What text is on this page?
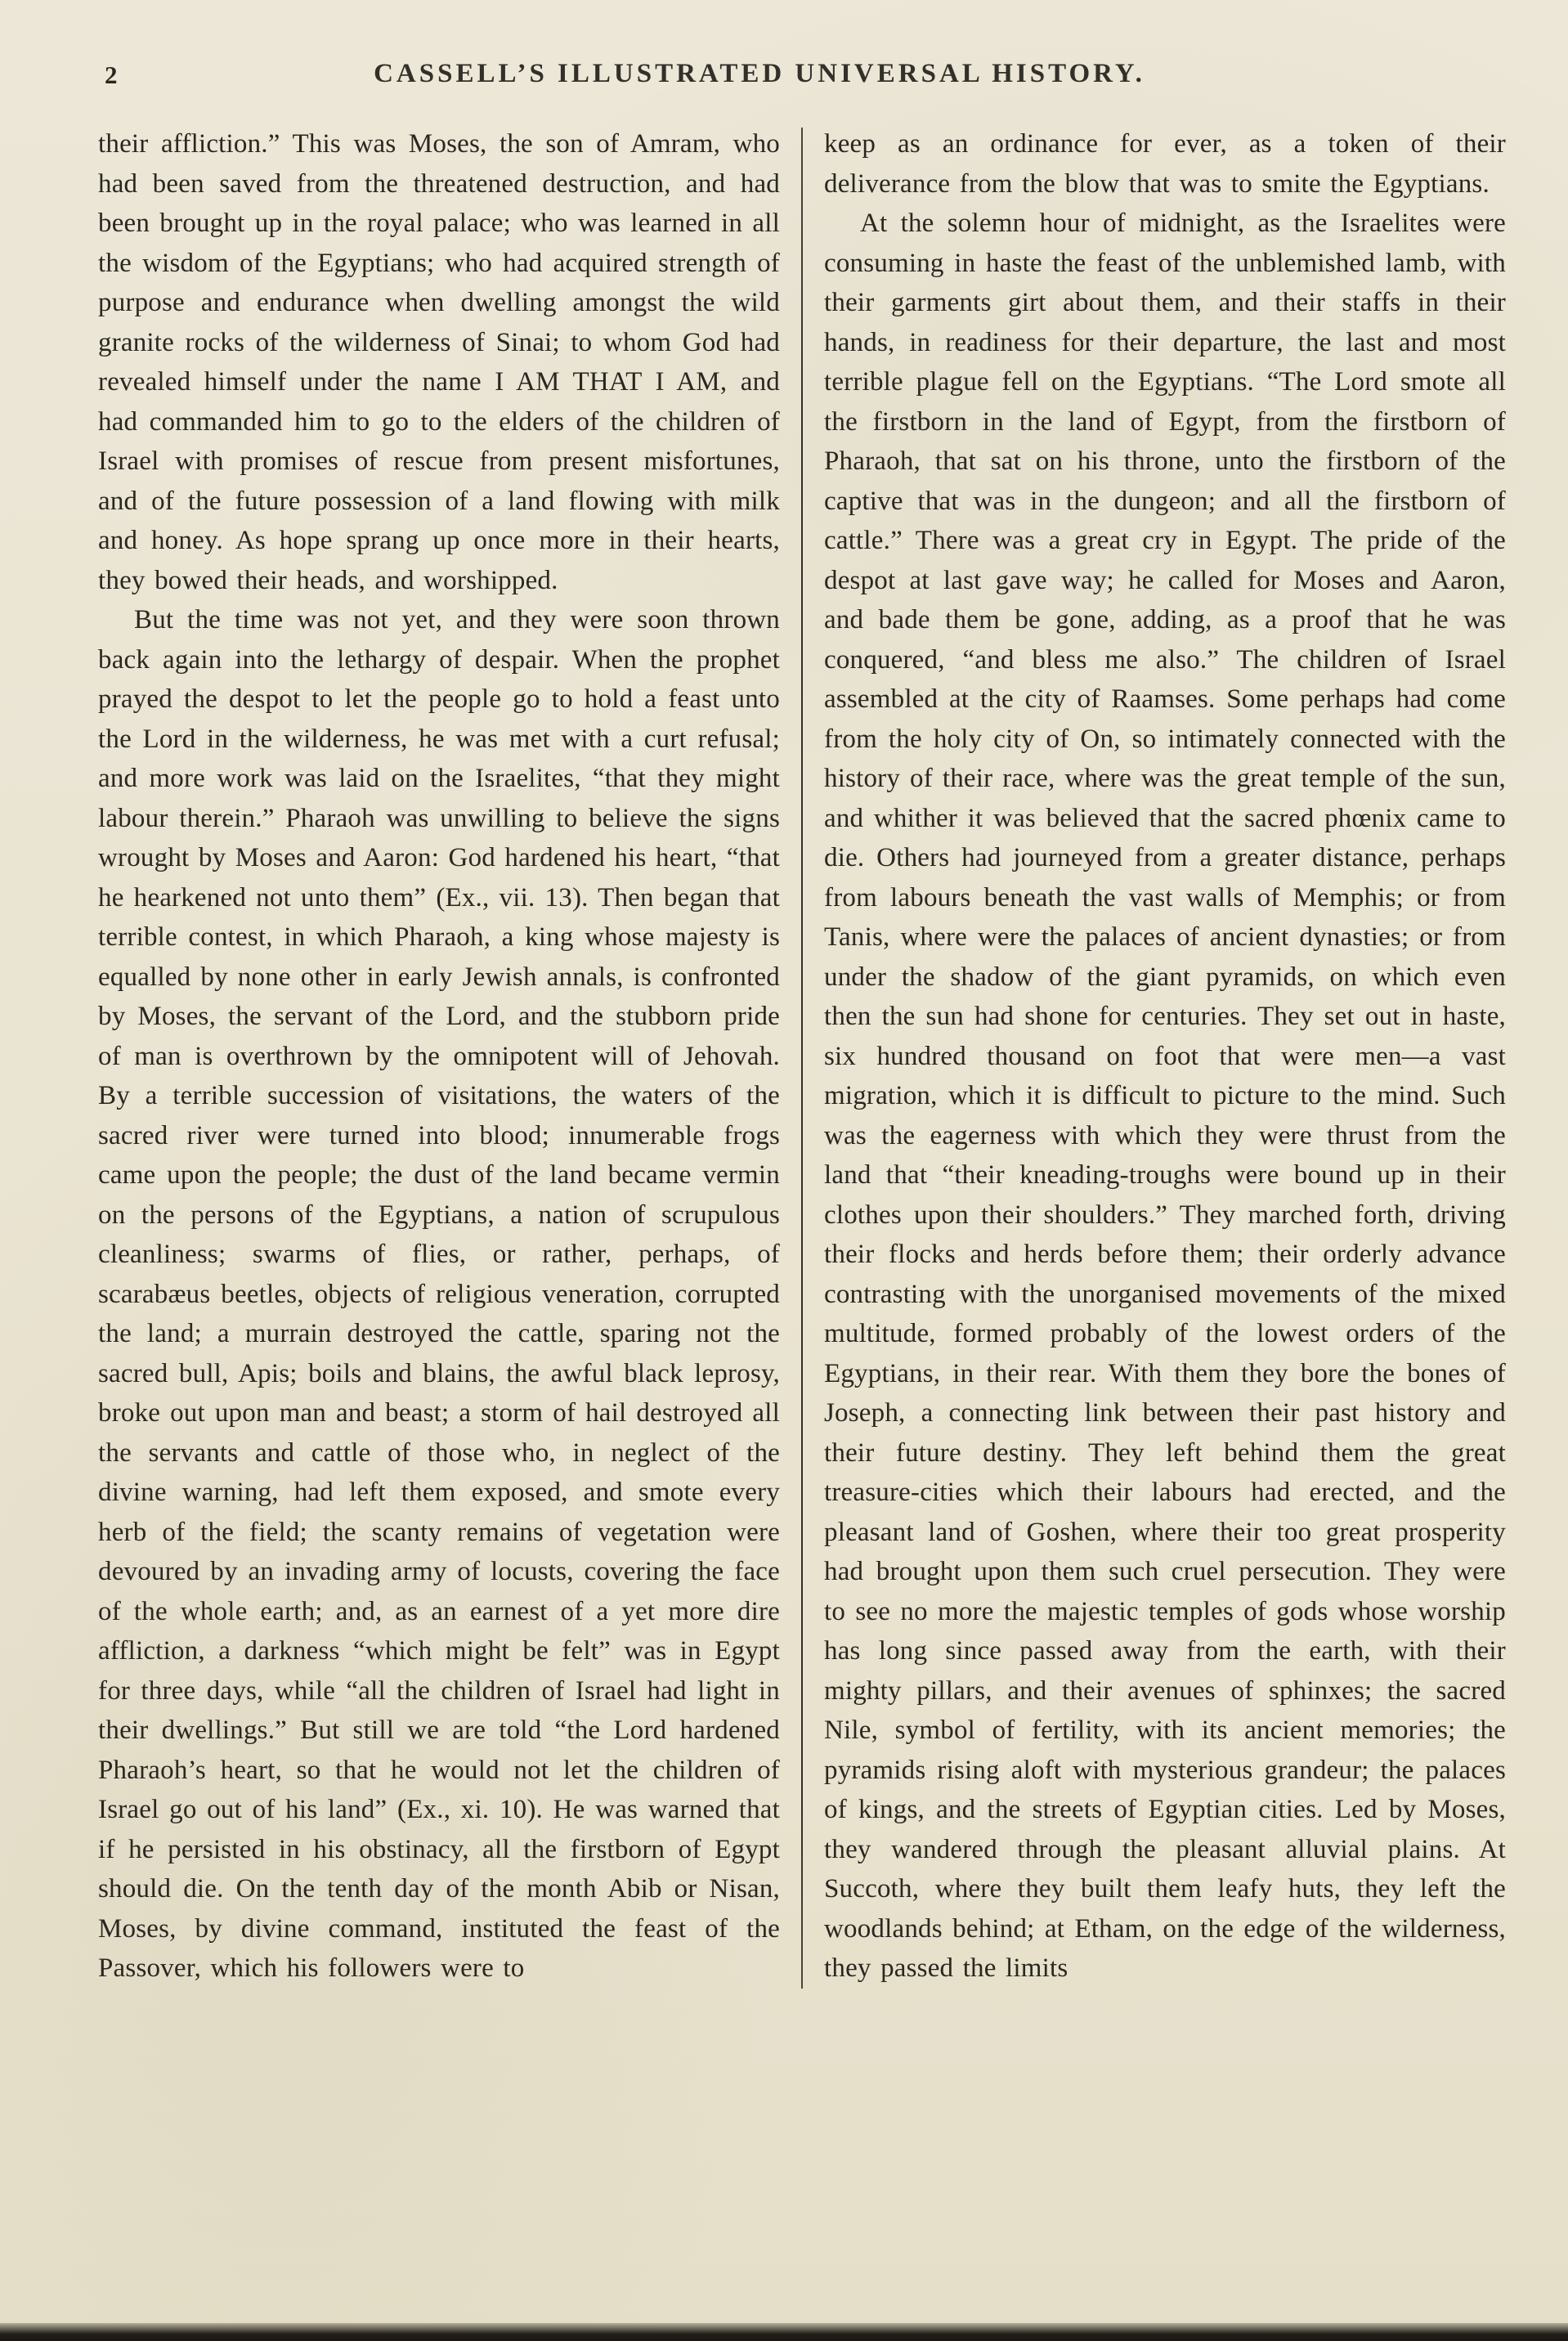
2	CASSELL’S ILLUSTRATED UNIVERSAL HISTORY.

their affliction.” This was Moses, the son of Amram, who had been saved from the threatened destruction, and had been brought up in the royal palace; who was learned in all the wisdom of the Egyptians; who had acquired strength of purpose and endurance when dwelling amongst the wild granite rocks of the wilderness of Sinai; to whom God had revealed himself under the name I AM THAT I AM, and had commanded him to go to the elders of the children of Israel with promises of rescue from present misfortunes, and of the future possession of a land flowing with milk and honey. As hope sprang up once more in their hearts, they bowed their heads, and worshipped.

But the time was not yet, and they were soon thrown back again into the lethargy of despair. When the prophet prayed the despot to let the people go to hold a feast unto the Lord in the wilderness, he was met with a curt refusal; and more work was laid on the Israelites, “that they might labour therein.” Pharaoh was unwilling to believe the signs wrought by Moses and Aaron: God hardened his heart, “that he hearkened not unto them” (Ex., vii. 13). Then began that terrible contest, in which Pharaoh, a king whose majesty is equalled by none other in early Jewish annals, is confronted by Moses, the servant of the Lord, and the stubborn pride of man is overthrown by the omnipotent will of Jehovah. By a terrible succession of visitations, the waters of the sacred river were turned into blood; innumerable frogs came upon the people; the dust of the land became vermin on the persons of the Egyptians, a nation of scrupulous cleanliness; swarms of flies, or rather, perhaps, of scarabæus beetles, objects of religious veneration, corrupted the land; a murrain destroyed the cattle, sparing not the sacred bull, Apis; boils and blains, the awful black leprosy, broke out upon man and beast; a storm of hail destroyed all the servants and cattle of those who, in neglect of the divine warning, had left them exposed, and smote every herb of the field; the scanty remains of vegetation were devoured by an invading army of locusts, covering the face of the whole earth; and, as an earnest of a yet more dire affliction, a darkness “which might be felt” was in Egypt for three days, while “all the children of Israel had light in their dwellings.” But still we are told “the Lord hardened Pharaoh’s heart, so that he would not let the children of Israel go out of his land” (Ex., xi. 10). He was warned that if he persisted in his obstinacy, all the firstborn of Egypt should die. On the tenth day of the month Abib or Nisan, Moses, by divine command, instituted the feast of the Passover, which his followers were to

keep as an ordinance for ever, as a token of their deliverance from the blow that was to smite the Egyptians.

At the solemn hour of midnight, as the Israelites were consuming in haste the feast of the unblemished lamb, with their garments girt about them, and their staffs in their hands, in readiness for their departure, the last and most terrible plague fell on the Egyptians. “The Lord smote all the firstborn in the land of Egypt, from the firstborn of Pharaoh, that sat on his throne, unto the firstborn of the captive that was in the dungeon; and all the firstborn of cattle.” There was a great cry in Egypt. The pride of the despot at last gave way; he called for Moses and Aaron, and bade them be gone, adding, as a proof that he was conquered, “and bless me also.” The children of Israel assembled at the city of Raamses. Some perhaps had come from the holy city of On, so intimately connected with the history of their race, where was the great temple of the sun, and whither it was believed that the sacred phœnix came to die. Others had journeyed from a greater distance, perhaps from labours beneath the vast walls of Memphis; or from Tanis, where were the palaces of ancient dynasties; or from under the shadow of the giant pyramids, on which even then the sun had shone for centuries. They set out in haste, six hundred thousand on foot that were men—a vast migration, which it is difficult to picture to the mind. Such was the eagerness with which they were thrust from the land that “their kneading-troughs were bound up in their clothes upon their shoulders.” They marched forth, driving their flocks and herds before them; their orderly advance contrasting with the unorganised movements of the mixed multitude, formed probably of the lowest orders of the Egyptians, in their rear. With them they bore the bones of Joseph, a connecting link between their past history and their future destiny. They left behind them the great treasure-cities which their labours had erected, and the pleasant land of Goshen, where their too great prosperity had brought upon them such cruel persecution. They were to see no more the majestic temples of gods whose worship has long since passed away from the earth, with their mighty pillars, and their avenues of sphinxes; the sacred Nile, symbol of fertility, with its ancient memories; the pyramids rising aloft with mysterious grandeur; the palaces of kings, and the streets of Egyptian cities. Led by Moses, they wandered through the pleasant alluvial plains. At Succoth, where they built them leafy huts, they left the woodlands behind; at Etham, on the edge of the wilderness, they passed the limits
